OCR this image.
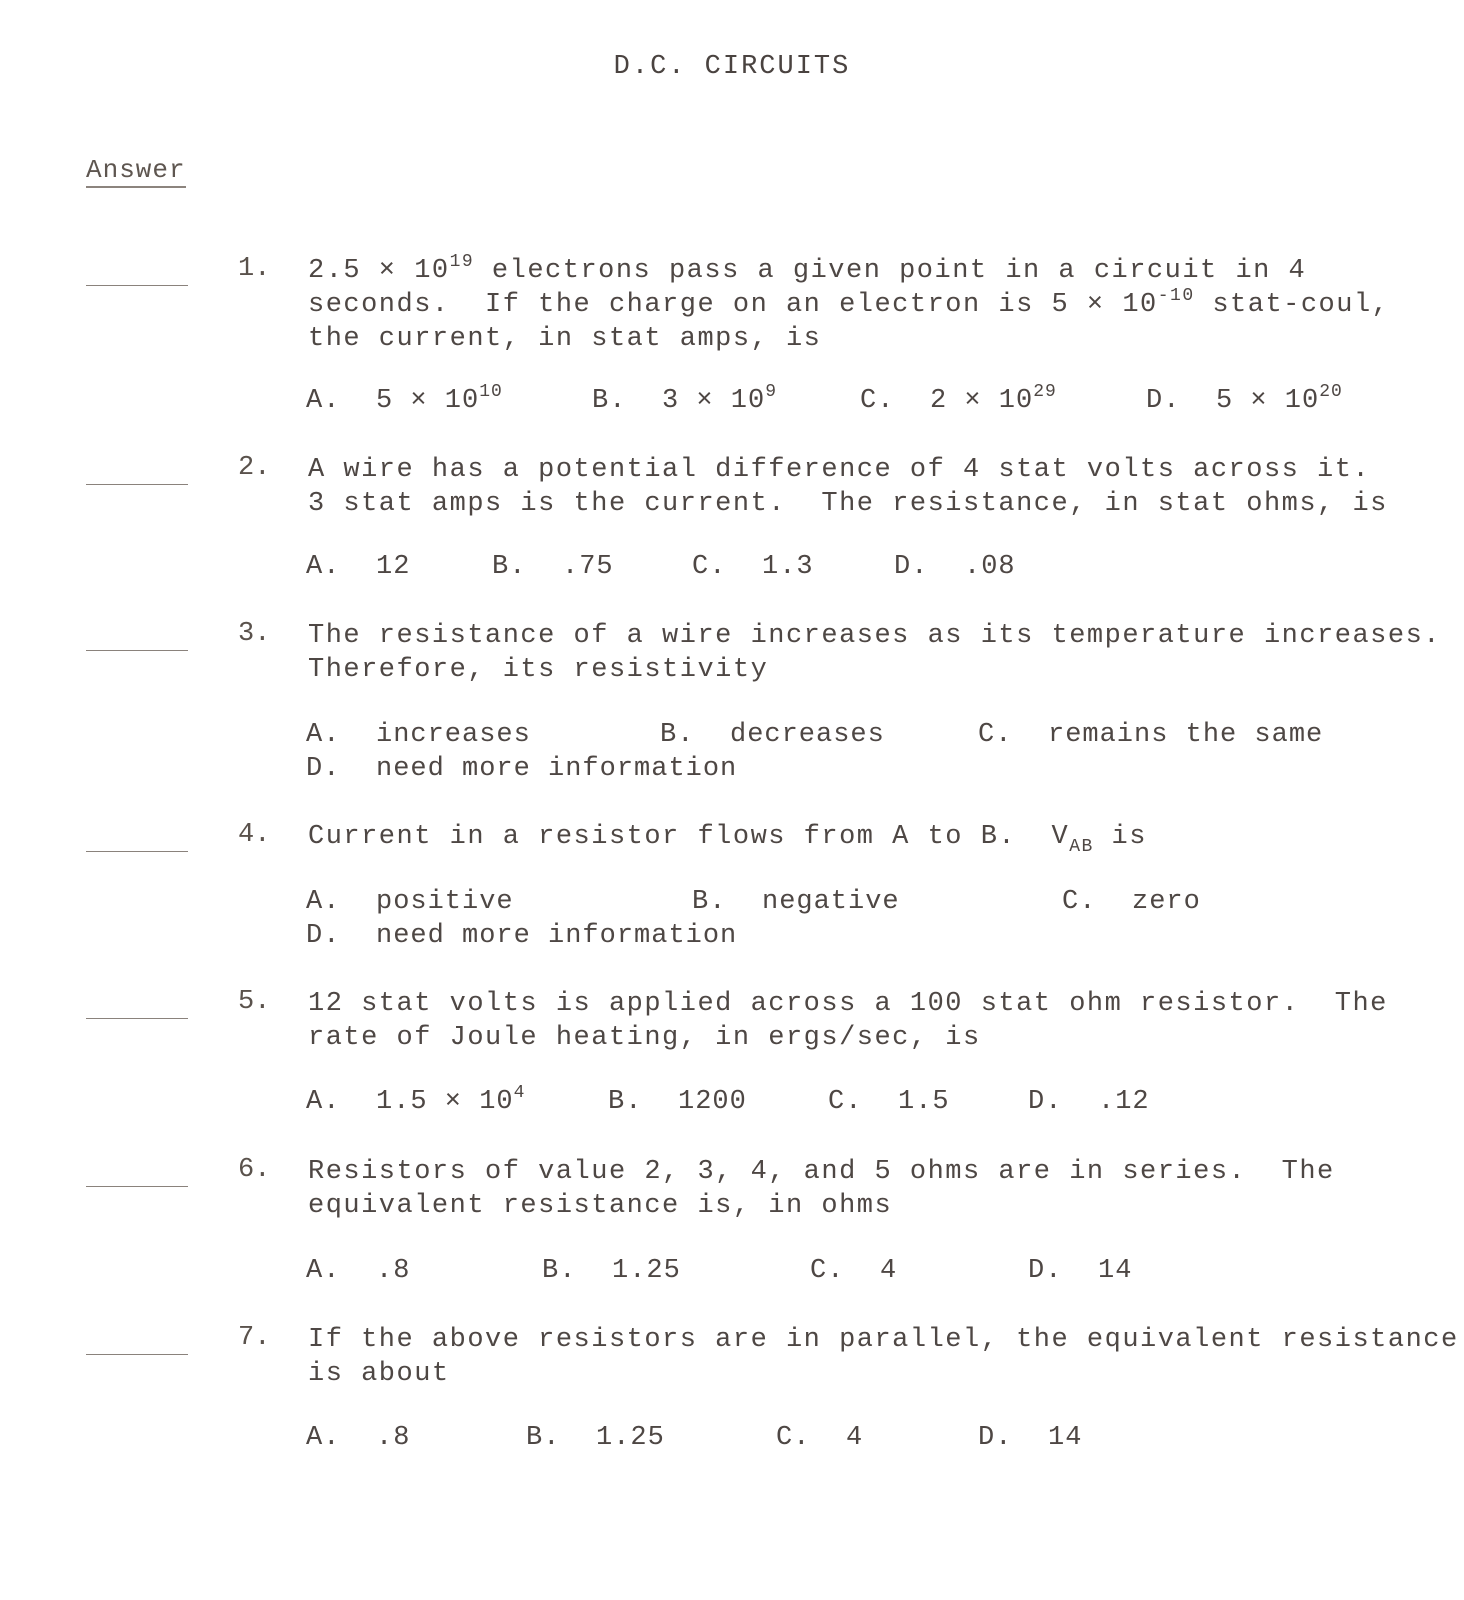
D.C. CIRCUITS
Answer
1. $2.5 \times 10^{19}$ electrons pass a given point in a circuit in 4
seconds.  If the charge on an electron is $5 \times 10^{-10}$ stat-coul,
the current, in stat amps, is
A. $5 \times 10^{10}$	B. $3 \times 10^9$	C. $2 \times 10^{29}$	D. $5 \times 10^{20}$
2. A wire has a potential difference of 4 stat volts across it.
3 stat amps is the current.  The resistance, in stat ohms, is
A. 12	B. .75	C. 1.3	D. .08
3. The resistance of a wire increases as its temperature increases.
Therefore, its resistivity
A. increases	B. decreases	C. remains the same
D. need more information
4. Current in a resistor flows from A to B.  $V_{AB}$ is
A. positive	B. negative	C. zero
D. need more information
5. 12 stat volts is applied across a 100 stat ohm resistor.  The
rate of Joule heating, in ergs/sec, is
A. $1.5 \times 10^4$	B. 1200	C. 1.5	D. .12
6. Resistors of value 2, 3, 4, and 5 ohms are in series.  The
equivalent resistance is, in ohms
A. .8	B. 1.25	C. 4	D. 14
7. If the above resistors are in parallel, the equivalent resistance
is about
A. .8	B. 1.25	C. 4	D. 14
